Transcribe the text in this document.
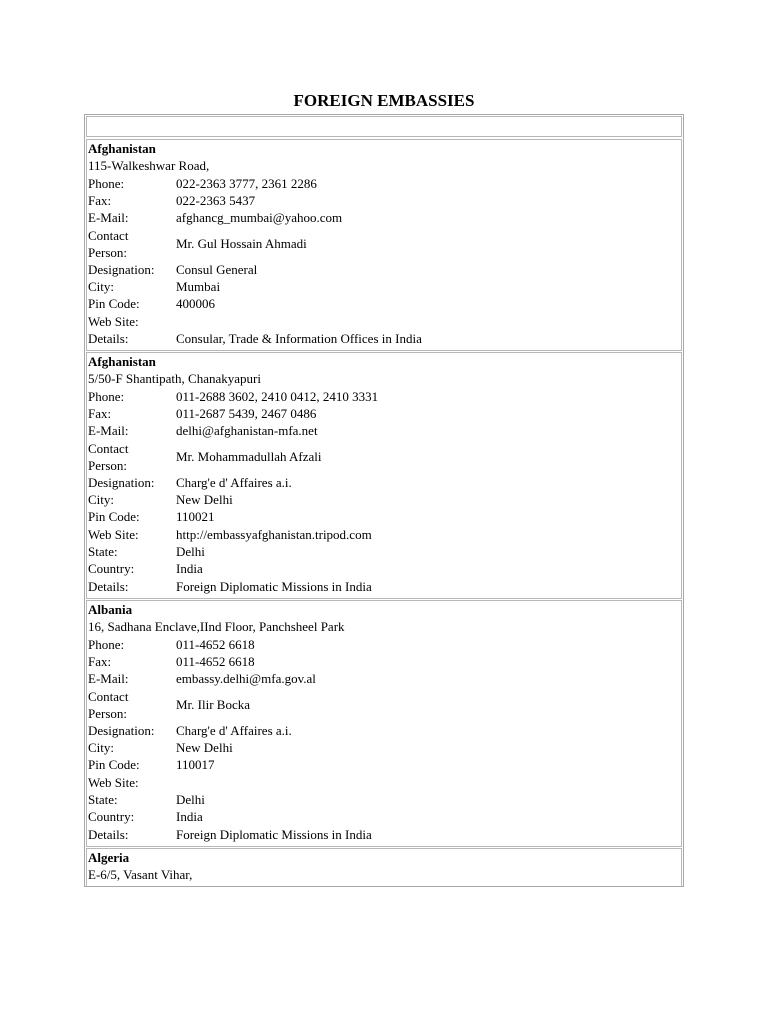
FOREIGN EMBASSIES
Afghanistan
115-Walkeshwar Road,
Phone:	022-2363 3777, 2361 2286
Fax:	022-2363 5437
E-Mail:	afghancg_mumbai@yahoo.com
Contact Person:
Mr. Gul Hossain Ahmadi
Designation: Consul General
City:	Mumbai
Pin Code:	400006
Web Site:
Details:	Consular, Trade & Information Offices in India
Afghanistan
5/50-F Shantipath, Chanakyapuri
Phone:	011-2688 3602, 2410 0412, 2410 3331
Fax:	011-2687 5439, 2467 0486
E-Mail:	delhi@afghanistan-mfa.net
Contact Person:
Mr. Mohammadullah Afzali
Designation: Charg'e d' Affaires a.i.
City:	New Delhi
Pin Code:	110021
Web Site:	http://embassyafghanistan.tripod.com
State:	Delhi
Country:	India
Details:	Foreign Diplomatic Missions in India
Albania
16, Sadhana Enclave,IInd Floor, Panchsheel Park
Phone:	011-4652 6618
Fax:	011-4652 6618
E-Mail:	embassy.delhi@mfa.gov.al
Contact Person:
Mr. Ilir Bocka
Designation: Charg'e d' Affaires a.i.
City:	New Delhi
Pin Code:	110017
Web Site:
State:	Delhi
Country:	India
Details:	Foreign Diplomatic Missions in India
Algeria
E-6/5, Vasant Vihar,
